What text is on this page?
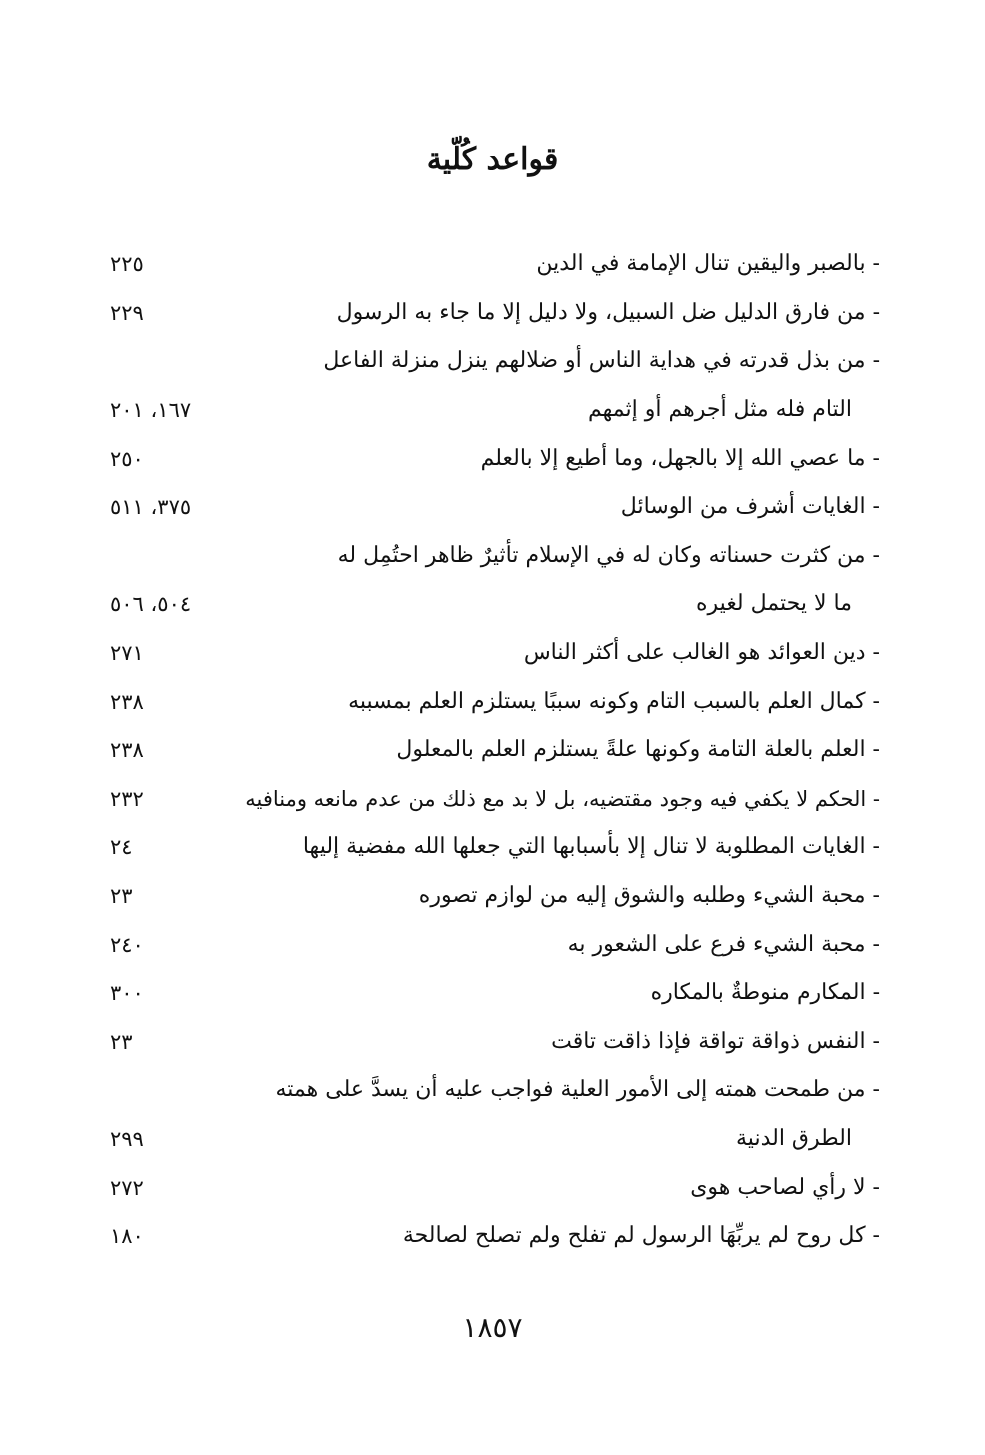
قواعد كُلّية
- بالصبر واليقين تنال الإمامة في الدين
٢٢٥
- من فارق الدليل ضل السبيل، ولا دليل إلا ما جاء به الرسول
٢٢٩
- من بذل قدرته في هداية الناس أو ضلالهم ينزل منزلة الفاعل
التام فله مثل أجرهم أو إثمهم
١٦٧، ٢٠١
- ما عصي الله إلا بالجهل، وما أطيع إلا بالعلم
٢٥٠
- الغايات أشرف من الوسائل
٣٧٥، ٥١١
- من كثرت حسناته وكان له في الإسلام تأثيرٌ ظاهر احتُمِل له
ما لا يحتمل لغيره
٥٠٤، ٥٠٦
- دين العوائد هو الغالب على أكثر الناس
٢٧١
- كمال العلم بالسبب التام وكونه سببًا يستلزم العلم بمسببه
٢٣٨
- العلم بالعلة التامة وكونها علةً يستلزم العلم بالمعلول
٢٣٨
- الحكم لا يكفي فيه وجود مقتضيه، بل لا بد مع ذلك من عدم مانعه ومنافيه
٢٣٢
- الغايات المطلوبة لا تنال إلا بأسبابها التي جعلها الله مفضية إليها
٢٤
- محبة الشيء وطلبه والشوق إليه من لوازم تصوره
٢٣
- محبة الشيء فرع على الشعور به
٢٤٠
- المكارم منوطةٌ بالمكاره
٣٠٠
- النفس ذواقة تواقة فإذا ذاقت تاقت
٢٣
- من طمحت همته إلى الأمور العلية فواجب عليه أن يسدَّ على همته
الطرق الدنية
٢٩٩
- لا رأي لصاحب هوى
٢٧٢
- كل روح لم يربِّهَا الرسول لم تفلح ولم تصلح لصالحة
١٨٠
١٨٥٧
